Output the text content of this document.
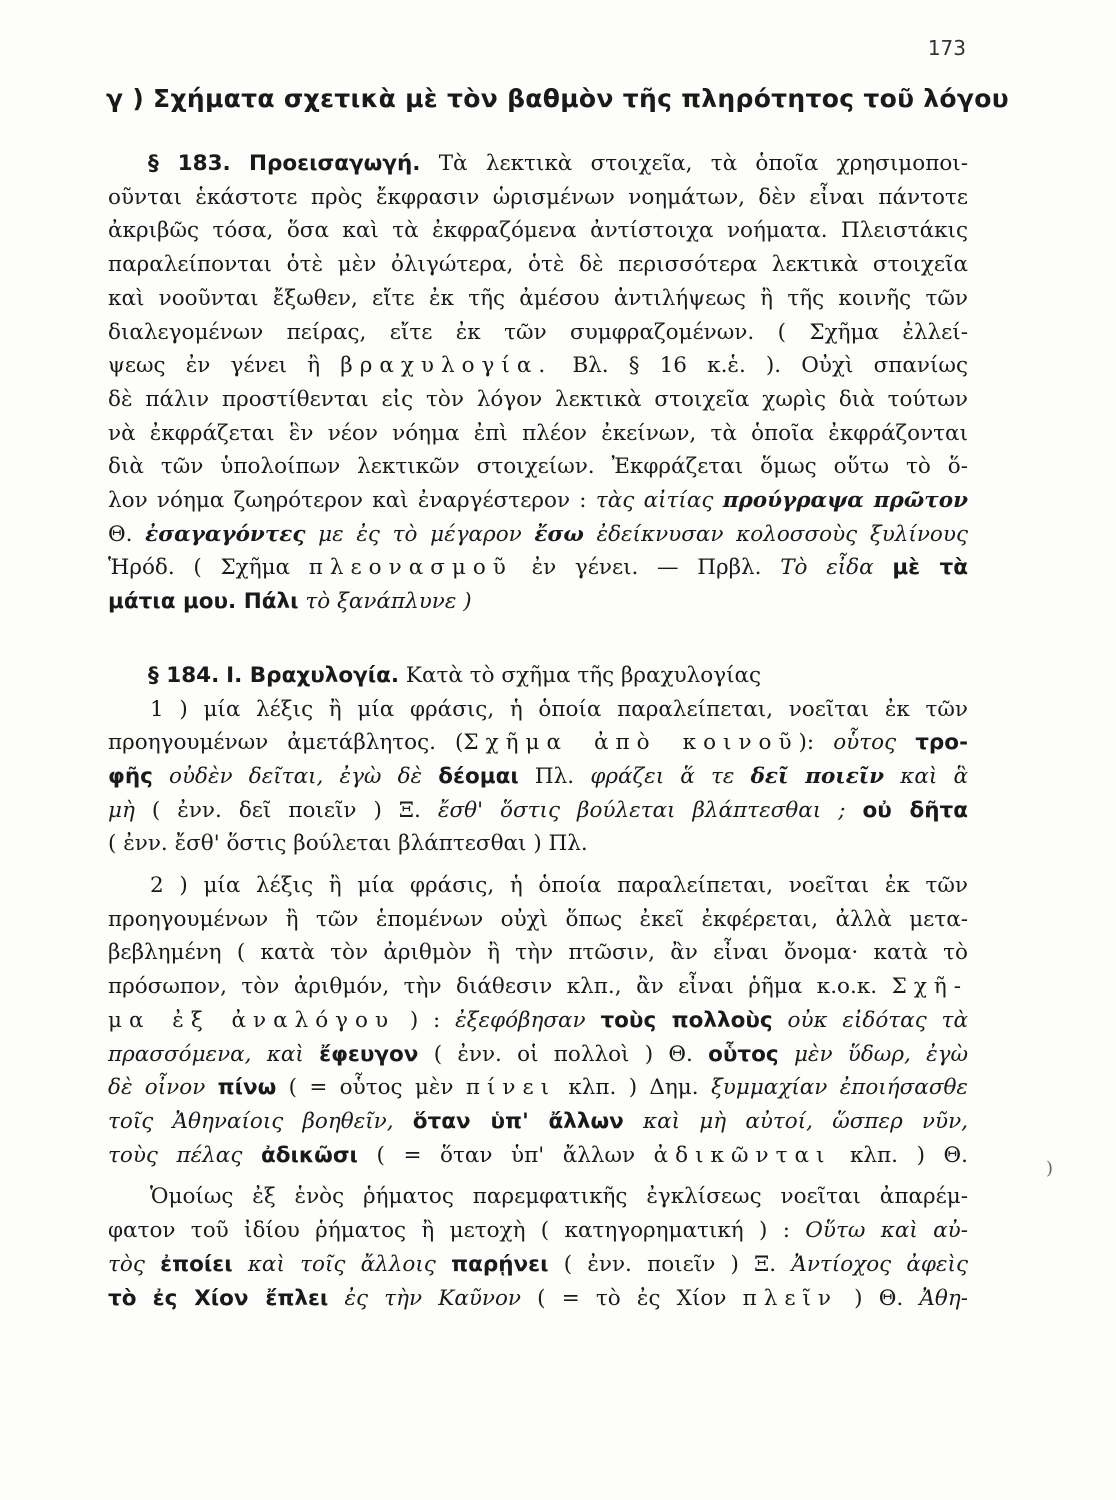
173
γ ) Σχήματα σχετικὰ μὲ τὸν βαθμὸν τῆς πληρότητος τοῦ λόγου
§ 183. Προεισαγωγή. Τὰ λεκτικὰ στοιχεῖα, τὰ ὁποῖα χρησιμοποι-
οῦνται ἑκάστοτε πρὸς ἔκφρασιν ὡρισμένων νοημάτων, δὲν εἶναι πάντοτε
ἀκριβῶς τόσα, ὅσα καὶ τὰ ἐκφραζόμενα ἀντίστοιχα νοήματα. Πλειστάκις
παραλείπονται ὁτὲ μὲν ὀλιγώτερα, ὁτὲ δὲ περισσότερα λεκτικὰ στοιχεῖα
καὶ νοοῦνται ἔξωθεν, εἴτε ἐκ τῆς ἀμέσου ἀντιλήψεως ἢ τῆς κοινῆς τῶν
διαλεγομένων πείρας, εἴτε ἐκ τῶν συμφραζομένων. ( Σχῆμα ἐλλεί-
ψεως ἐν γένει ἢ βραχυλογία. Βλ. § 16 κ.ἑ. ). Οὐχὶ σπανίως
δὲ πάλιν προστίθενται εἰς τὸν λόγον λεκτικὰ στοιχεῖα χωρὶς διὰ τούτων
νὰ ἐκφράζεται ἓν νέον νόημα ἐπὶ πλέον ἐκείνων, τὰ ὁποῖα ἐκφράζονται
διὰ τῶν ὑπολοίπων λεκτικῶν στοιχείων. Ἐκφράζεται ὅμως οὕτω τὸ ὅ-
λον νόημα ζωηρότερον καὶ ἐναργέστερον : τὰς αἰτίας προύγραψα πρῶτον
Θ. ἐσαγαγόντες με ἐς τὸ μέγαρον ἔσω ἐδείκνυσαν κολοσσοὺς ξυλίνους
Ἡρόδ. ( Σχῆμα πλεονασμοῦ ἐν γένει. — Πρβλ. Τὸ εἶδα μὲ τὰ
μάτια μου. Πάλι τὸ ξανάπλυνε )
§ 184. Ι. Βραχυλογία. Κατὰ τὸ σχῆμα τῆς βραχυλογίας
1 ) μία λέξις ἢ μία φράσις, ἡ ὁποία παραλείπεται, νοεῖται ἐκ τῶν
προηγουμένων ἀμετάβλητος. (Σχῆμα ἀπὸ κοινοῦ): οὗτος τρο-
φῆς οὐδὲν δεῖται, ἐγὼ δὲ δέομαι Πλ. φράζει ἅ τε δεῖ ποιεῖν καὶ ἃ
μὴ ( ἐνν. δεῖ ποιεῖν ) Ξ. ἔσθ' ὅστις βούλεται βλάπτεσθαι ; οὐ δῆτα
( ἐνν. ἔσθ' ὅστις βούλεται βλάπτεσθαι ) Πλ.
2 ) μία λέξις ἢ μία φράσις, ἡ ὁποία παραλείπεται, νοεῖται ἐκ τῶν
προηγουμένων ἢ τῶν ἑπομένων οὐχὶ ὅπως ἐκεῖ ἐκφέρεται, ἀλλὰ μετα-
βεβλημένη ( κατὰ τὸν ἀριθμὸν ἢ τὴν πτῶσιν, ἂν εἶναι ὄνομα· κατὰ τὸ
πρόσωπον, τὸν ἀριθμόν, τὴν διάθεσιν κλπ., ἂν εἶναι ῥῆμα κ.ο.κ. Σχῆ-
μα ἐξ ἀναλόγου ) : ἐξεφόβησαν τοὺς πολλοὺς οὐκ εἰδότας τὰ
πρασσόμενα, καὶ ἔφευγον ( ἐνν. οἱ πολλοὶ ) Θ. οὗτος μὲν ὕδωρ, ἐγὼ
δὲ οἶνον πίνω ( = οὗτος μὲν πίνει κλπ. ) Δημ. ξυμμαχίαν ἐποιήσασθε
τοῖς Ἀθηναίοις βοηθεῖν, ὅταν ὑπ' ἄλλων καὶ μὴ αὐτοί, ὥσπερ νῦν,
τοὺς πέλας ἀδικῶσι ( = ὅταν ὑπ' ἄλλων ἀδικῶνται κλπ. ) Θ.
Ὁμοίως ἐξ ἑνὸς ῥήματος παρεμφατικῆς ἐγκλίσεως νοεῖται ἀπαρέμ-
φατον τοῦ ἰδίου ῥήματος ἢ μετοχὴ ( κατηγορηματική ) : Οὕτω καὶ αὐ-
τὸς ἐποίει καὶ τοῖς ἄλλοις παρῄνει ( ἐνν. ποιεῖν ) Ξ. Ἀντίοχος ἀφεὶς
τὸ ἐς Χίον ἔπλει ἐς τὴν Καῦνον ( = τὸ ἐς Χίον πλεῖν ) Θ. Ἀθη-
)
